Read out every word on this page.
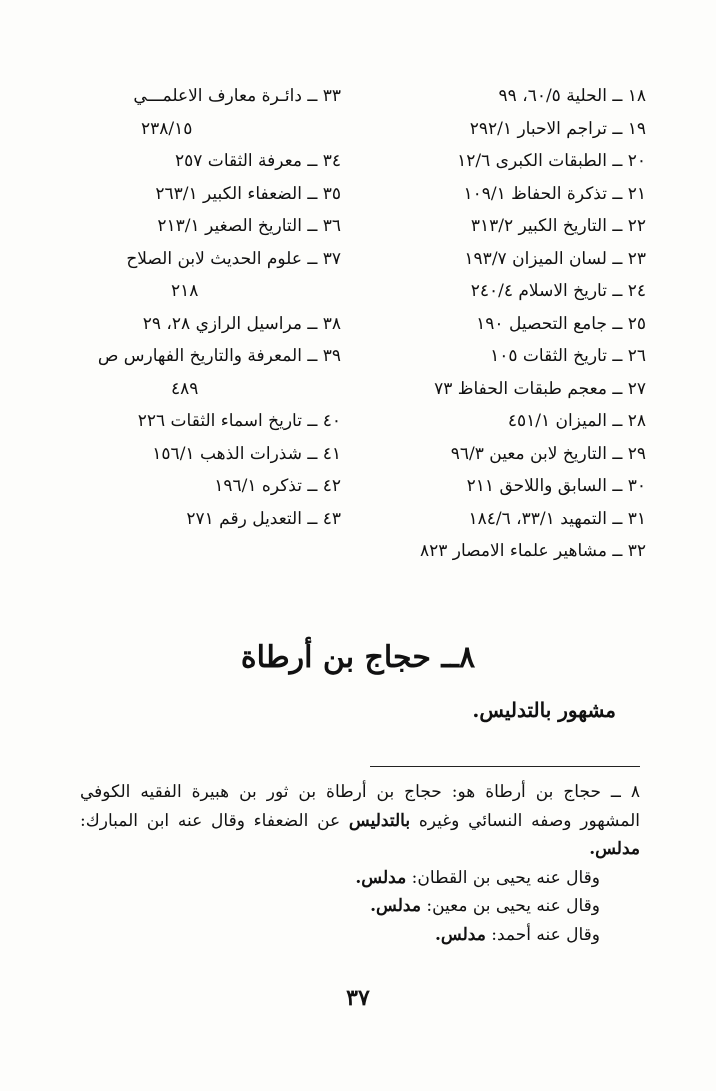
١٨ ــ الحلية ٦٠/٥، ٩٩
١٩ ــ تراجم الاحبار ٢٩٢/١
٢٠ ــ الطبقات الكبرى ١٢/٦
٢١ ــ تذكرة الحفاظ ١٠٩/١
٢٢ ــ التاريخ الكبير ٣١٣/٢
٢٣ ــ لسان الميزان ١٩٣/٧
٢٤ ــ تاريخ الاسلام ٢٤٠/٤
٢٥ ــ جامع التحصيل ١٩٠
٢٦ ــ تاريخ الثقات ١٠٥
٢٧ ــ معجم طبقات الحفاظ ٧٣
٢٨ ــ الميزان ٤٥١/١
٢٩ ــ التاريخ لابن معين ٩٦/٣
٣٠ ــ السابق واللاحق ٢١١
٣١ ــ التمهيد ٣٣/١، ١٨٤/٦
٣٢ ــ مشاهير علماء الامصار ٨٢٣
٣٣ ــ دائـرة معارف الاعلمـــي
٢٣٨/١٥
٣٤ ــ معرفة الثقات ٢٥٧
٣٥ ــ الضعفاء الكبير ٢٦٣/١
٣٦ ــ التاريخ الصغير ٢١٣/١
٣٧ ــ علوم الحديث لابن الصلاح
٢١٨
٣٨ ــ مراسيل الرازي ٢٨، ٢٩
٣٩ ــ المعرفة والتاريخ الفهارس ص
٤٨٩
٤٠ ــ تاريخ اسماء الثقات ٢٢٦
٤١ ــ شذرات الذهب ١٥٦/١
٤٢ ــ تذكره ١٩٦/١
٤٣ ــ التعديل رقم ٢٧١
٨ــ حجاج بن أرطاة
مشهور بالتدليس.

٨ ــ حجاج بن أرطاة هو: حجاج بن أرطاة بن ثور بن هبيرة الفقيه الكوفي المشهور وصفه النسائي وغيره بالتدليس عن الضعفاء وقال عنه ابن المبارك: مدلس.

وقال عنه يحيى بن القطان: مدلس.

وقال عنه يحيى بن معين: مدلس.

وقال عنه أحمد: مدلس.

٣٧
